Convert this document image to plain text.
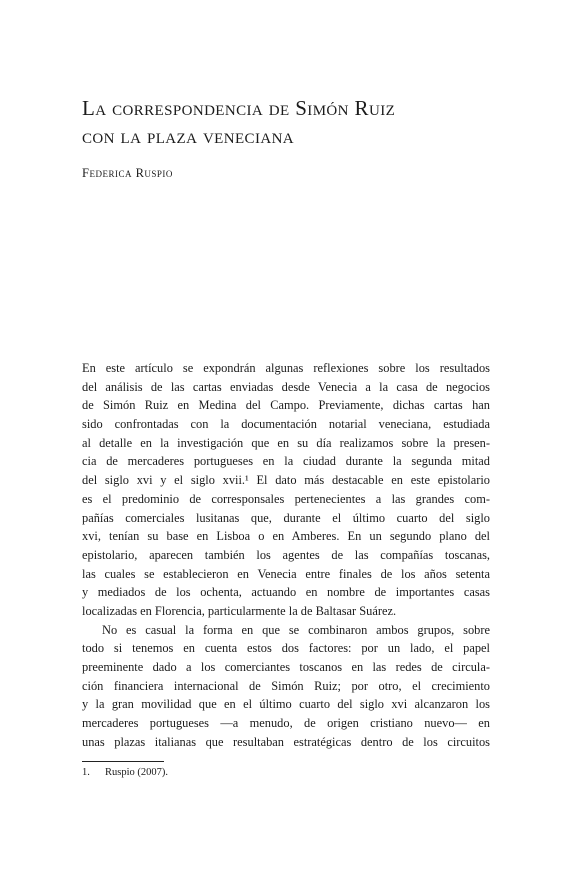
La correspondencia de Simón Ruiz
con la plaza veneciana
Federica Ruspio
En este artículo se expondrán algunas reflexiones sobre los resultados
del análisis de las cartas enviadas desde Venecia a la casa de negocios
de Simón Ruiz en Medina del Campo. Previamente, dichas cartas han
sido confrontadas con la documentación notarial veneciana, estudiada
al detalle en la investigación que en su día realizamos sobre la presen-
cia de mercaderes portugueses en la ciudad durante la segunda mitad
del siglo xvi y el siglo xvii.¹ El dato más destacable en este epistolario
es el predominio de corresponsales pertenecientes a las grandes com-
pañías comerciales lusitanas que, durante el último cuarto del siglo
xvi, tenían su base en Lisboa o en Amberes. En un segundo plano del
epistolario, aparecen también los agentes de las compañías toscanas,
las cuales se establecieron en Venecia entre finales de los años setenta
y mediados de los ochenta, actuando en nombre de importantes casas
localizadas en Florencia, particularmente la de Baltasar Suárez.
No es casual la forma en que se combinaron ambos grupos, sobre
todo si tenemos en cuenta estos dos factores: por un lado, el papel
preeminente dado a los comerciantes toscanos en las redes de circula-
ción financiera internacional de Simón Ruiz; por otro, el crecimiento
y la gran movilidad que en el último cuarto del siglo xvi alcanzaron los
mercaderes portugueses —a menudo, de origen cristiano nuevo— en
unas plazas italianas que resultaban estratégicas dentro de los circuitos
1. Ruspio (2007).
